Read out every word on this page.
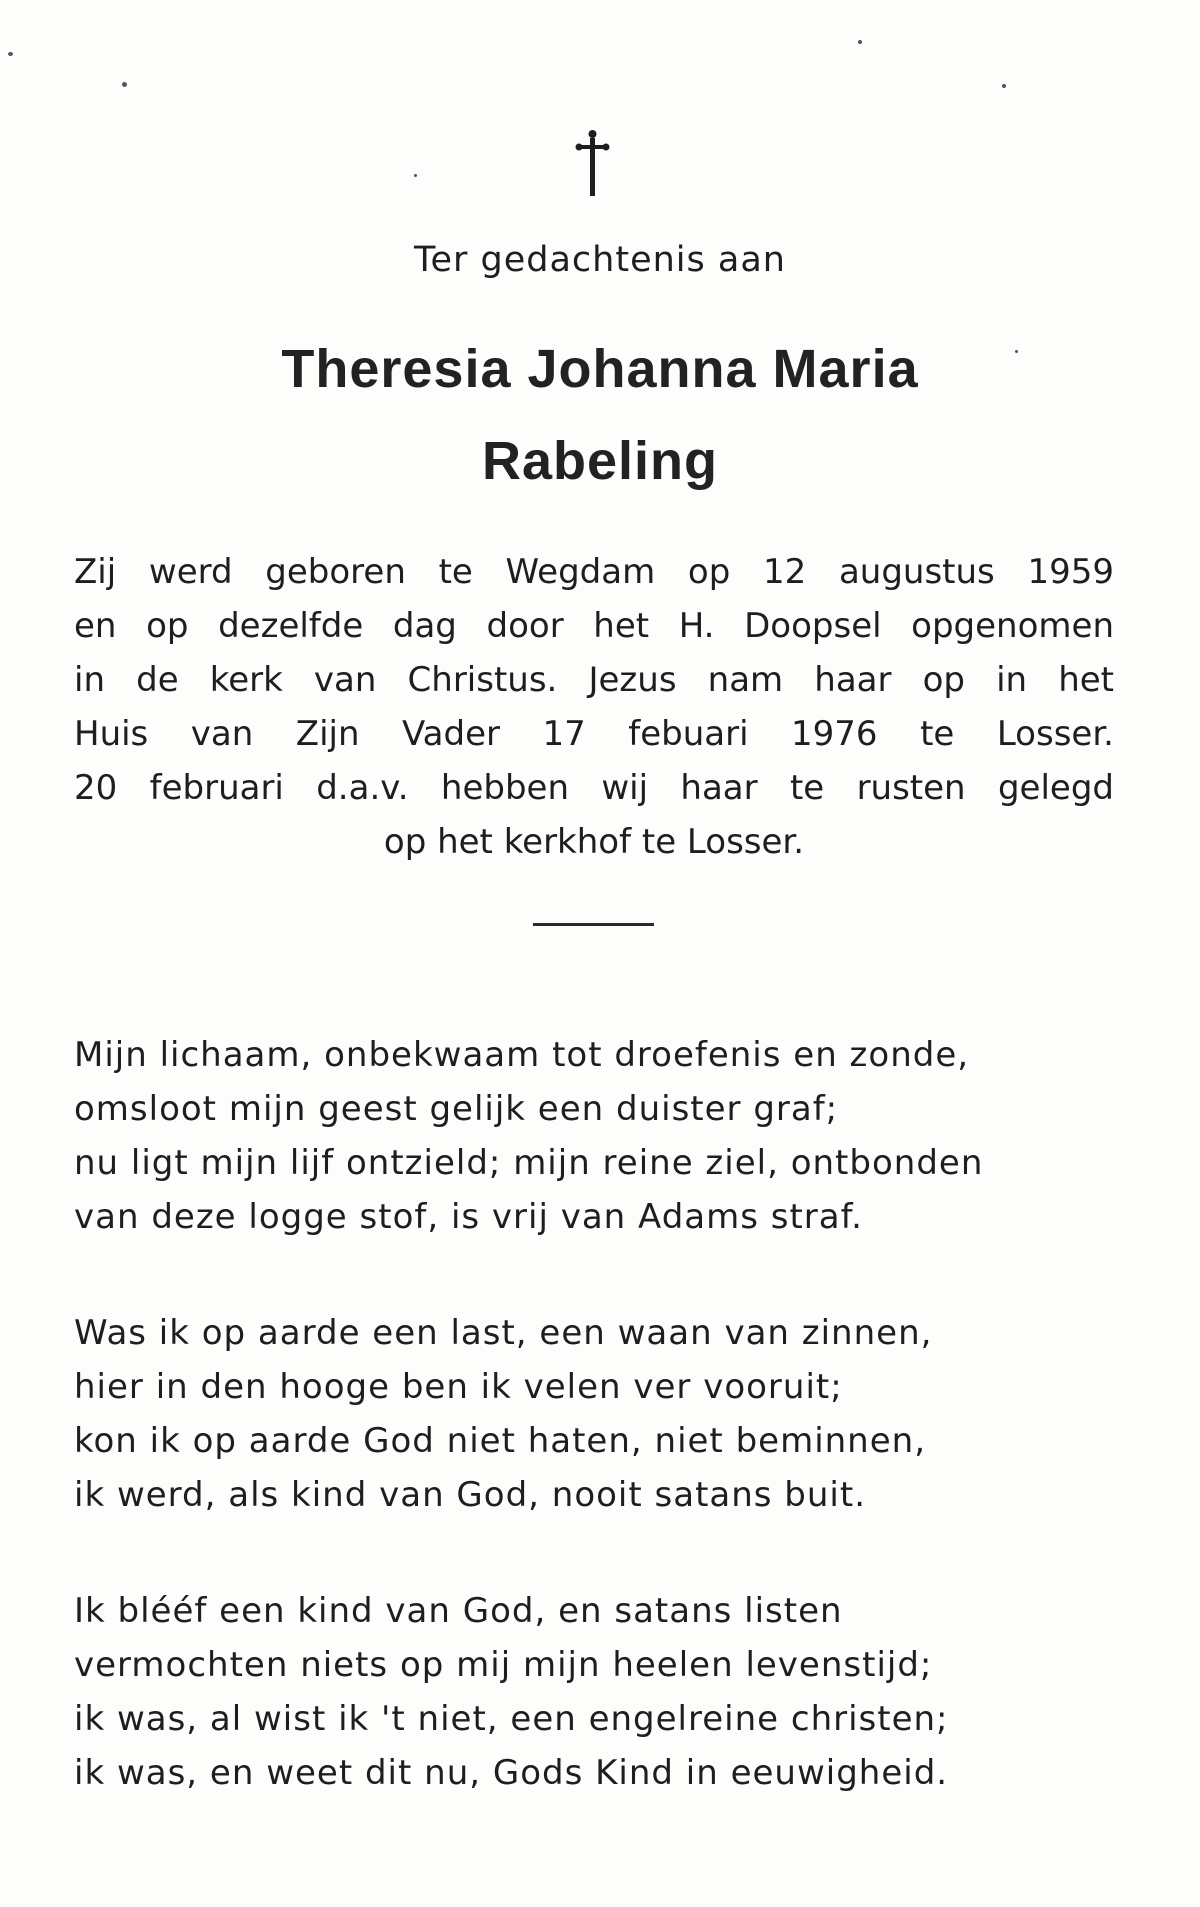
Ter gedachtenis aan
Theresia Johanna Maria
Rabeling
Zij werd geboren te Wegdam op 12 augustus 1959
en op dezelfde dag door het H. Doopsel opgenomen
in de kerk van Christus. Jezus nam haar op in het
Huis van Zijn Vader 17 febuari 1976 te Losser.
20 februari d.a.v. hebben wij haar te rusten gelegd
op het kerkhof te Losser.
Mijn lichaam, onbekwaam tot droefenis en zonde,
omsloot mijn geest gelijk een duister graf;
nu ligt mijn lijf ontzield; mijn reine ziel, ontbonden
van deze logge stof, is vrij van Adams straf.
Was ik op aarde een last, een waan van zinnen,
hier in den hooge ben ik velen ver vooruit;
kon ik op aarde God niet haten, niet beminnen,
ik werd, als kind van God, nooit satans buit.
Ik blééf een kind van God, en satans listen
vermochten niets op mij mijn heelen levenstijd;
ik was, al wist ik 't niet, een engelreine christen;
ik was, en weet dit nu, Gods Kind in eeuwigheid.
